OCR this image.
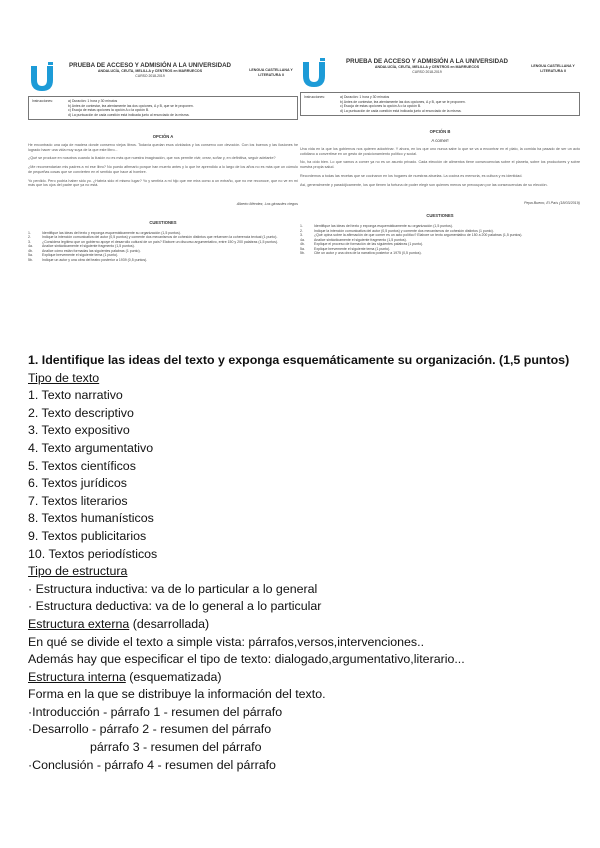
PRUEBA DE ACCESO Y ADMISIÓN A LA UNIVERSIDAD
ANDALUCÍA, CEUTA, MELILLA y CENTROS en MARRUECOS
CURSO 2018-2019
LENGUA CASTELLANA Y LITERATURA II
Instrucciones:	a) Duración: 1 hora y 30 minutos
b) Antes de contestar, lea atentamente las dos opciones, A y B, que se le proponen.
c) Escoja de estas opciones la opción A o la opción B.
d) La puntuación de cada cuestión está indicada junto al enunciado de la misma.
OPCIÓN A
He encontrado una caja de madera donde conservo viejos libros. Todavía quedan esos olvidados y los conservo con devoción. Con los buenos y las ilusiones he logrado hacer una vida muy suya de la que este libro...
¿Qué se produce en nosotros cuando la ilusión no es más que nuestra imaginación, que nos permite vivir, crear, soñar y, en definitiva, seguir adelante?
¿Me recomendarían mis padres a mí ese libro? No puedo afirmarlo porque han muerto antes y lo que he aprendido a lo largo de los años no es más que un cúmulo de pequeñas cosas que se convierten en el sentido que hace al hombre.
Yo perdido. Pero podría haber sido yo. ¿Habría sido el mismo lugar? Yo y sentiría a mi hijo que me mira como a un extraño, que no me reconoce, que no ve en mí más que los ojos del padre que ya no está.
Alberto Méndez, Los girasoles ciegos
CUESTIONES
1.	Identifique las ideas del texto y exponga esquemáticamente su organización (1,5 puntos).
2.	Indique la intención comunicativa del autor (0,5 puntos) y comente dos mecanismos de cohesión distintos que refuercen la coherencia textual (1 punto).
3.	¿Considera legítimo que un gobierno apoye el desarrollo cultural de un país? Elabore un discurso argumentativo, entre 150 y 200 palabras (1,5 puntos).
4a.	Analice sintácticamente el siguiente fragmento (1,5 puntos).
4b.	Analice cómo están formadas las siguientes palabras (1 punto).
5a.	Explique brevemente el siguiente tema (1 punto).
5b.	Indique un autor y una obra del teatro posterior a 1939 (0,5 puntos).
PRUEBA DE ACCESO Y ADMISIÓN A LA UNIVERSIDAD
ANDALUCÍA, CEUTA, MELILLA y CENTROS en MARRUECOS
CURSO 2018-2019
LENGUA CASTELLANA Y LITERATURA II
Instrucciones:	a) Duración: 1 hora y 30 minutos
b) Antes de contestar, lea atentamente las dos opciones, A y B, que se le proponen.
c) Escoja de estas opciones la opción A o la opción B.
d) La puntuación de cada cuestión está indicada junto al enunciado de la misma.
OPCIÓN B
A comer!
Una vida en la que los gobiernos nos quieren adoctrinar. Y ahora, en los que uno nunca sabe lo que se va a encontrar en el plato, la comida ha pasado de ser un acto cotidiano a convertirse en un gesto de posicionamiento político y social.
No, ha oído bien. Lo que vamos a comer ya no es un asunto privado. Cada elección de alimentos tiene consecuencias sobre el planeta, sobre los productores y sobre nuestra propia salud.
Recordemos a todas las recetas que se cocinaron en los hogares de nuestras abuelas. La cocina es memoria, es cultura y es identidad.
Así, generalmente y paradójicamente, los que tienen la fortuna de poder elegir son quienes menos se preocupan por las consecuencias de su elección.
Pepa Bueno, El País (18/03/2019)
CUESTIONES
1.	Identifique las ideas del texto y exponga esquemáticamente su organización (1,5 puntos).
2.	Indique la intención comunicativa del autor (0,5 puntos) y comente dos mecanismos de cohesión distintos (1 punto).
3.	¿Qué opina sobre la afirmación de que comer es un acto político? Elabore un texto argumentativo de 150 a 200 palabras (1,5 puntos).
4a.	Analice sintácticamente el siguiente fragmento (1,5 puntos).
4b.	Explique el proceso de formación de las siguientes palabras (1 punto).
5a.	Explique brevemente el siguiente tema (1 punto).
5b.	Cite un autor y una obra de la narrativa posterior a 1975 (0,5 puntos).
1. Identifique las ideas del texto y exponga esquemáticamente su organización. (1,5 puntos)
Tipo de texto
1. Texto narrativo
2. Texto descriptivo
3. Texto expositivo
4. Texto argumentativo
5. Textos científicos
6. Textos jurídicos
7. Textos literarios
8. Textos humanísticos
9. Textos publicitarios
10. Textos periodísticos
Tipo de estructura
· Estructura inductiva: va de lo particular a lo general
· Estructura deductiva: va de lo general a lo particular
Estructura externa (desarrollada)
En qué se divide el texto a simple vista: párrafos,versos,intervenciones..
Además hay que especificar el tipo de texto: dialogado,argumentativo,literario...
Estructura interna (esquematizada)
Forma en la que se distribuye la información del texto.
·Introducción - párrafo 1 - resumen del párrafo
·Desarrollo - párrafo 2 - resumen del párrafo
párrafo 3 - resumen del párrafo
·Conclusión - párrafo 4 - resumen del párrafo
